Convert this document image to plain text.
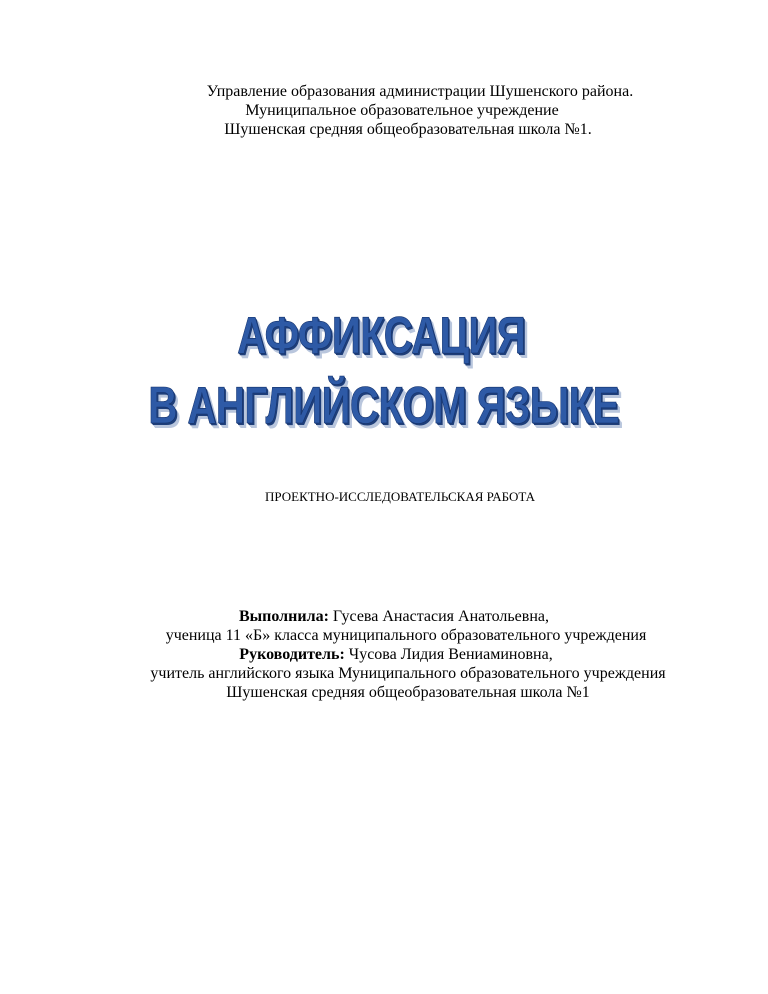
Управление образования администрации Шушенского района.
Муниципальное образовательное учреждение
Шушенская средняя общеобразовательная школа №1.
АФФИКСАЦИЯ
В АНГЛИЙСКОМ ЯЗЫКЕ
ПРОЕКТНО-ИССЛЕДОВАТЕЛЬСКАЯ РАБОТА
Выполнила: Гусева Анастасия Анатольевна,
ученица 11 «Б» класса муниципального образовательного учреждения
Руководитель: Чусова Лидия Вениаминовна,
учитель английского языка Муниципального образовательного учреждения
Шушенская средняя общеобразовательная школа №1
